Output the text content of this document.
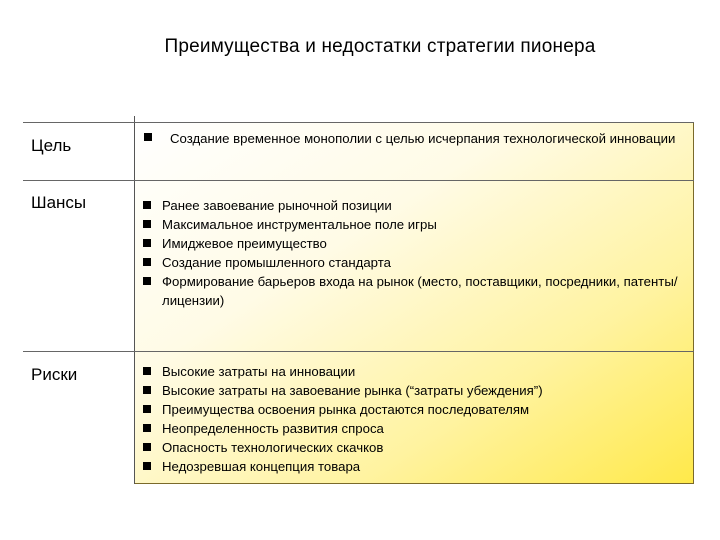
Преимущества и недостатки стратегии пионера
Цель	Создание временное монополии с целью исчерпания технологической инновации
Шансы	Ранее завоевание рыночной позиции
Максимальное инструментальное поле игры
Имиджевое преимущество
Создание промышленного стандарта
Формирование барьеров входа на рынок (место, поставщики, посредники, патенты/лицензии)
Риски	Высокие затраты на инновации
Высокие затраты на завоевание рынка (“затраты убеждения”)
Преимущества освоения рынка достаются последователям
Неопределенность развития спроса
Опасность технологических скачков
Недозревшая концепция товара
